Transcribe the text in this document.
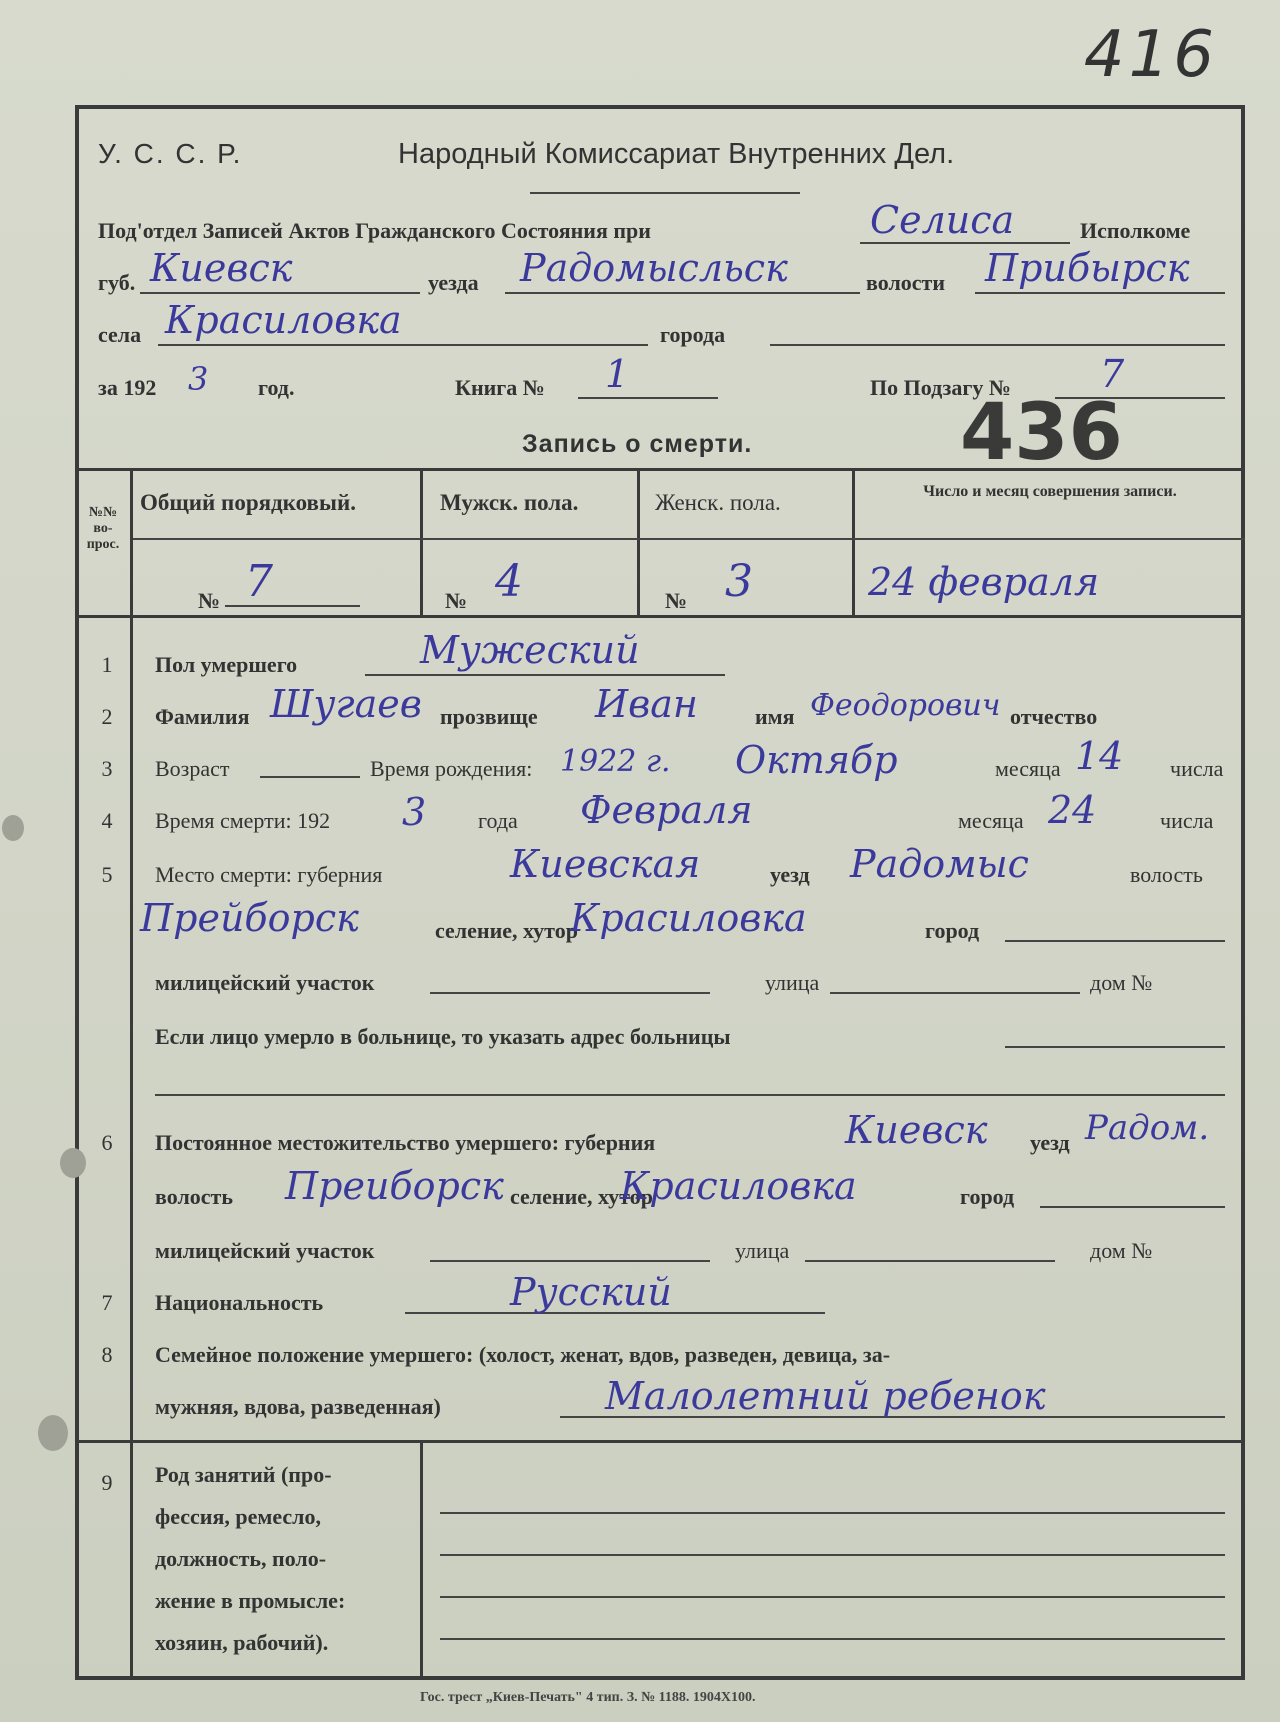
416
У. С. С. Р.	Народный Комиссариат Внутренних Дел.
Под'отдел Записей Актов Гражданского Состояния при	Селиса	Исполкоме
губ. Киевск	уезда Радомысльск	волости Прибырск
села Красиловка	города
за 192 3 год.	Книга № 1	По Подзагу № 7
436
Запись о смерти.
№№ во- прос.
Общий порядковый.	Мужск. пола.	Женск. пола.	Число и месяц совершения записи.
№ 7	№ 4	№ 3	24 февраля
1	Пол умершего	Мужеский
2	Фамилия Шугаев прозвище Иван	имя Феодорович отчество
3	Возраст	Время рождения: 1922 г. Октябр	месяца 14 числа
4	Время смерти: 192 3 года Февраля	месяца 24	числа
5	Место смерти: губерния	Киевская	уезд Радомыс	волость
Прейборск	селение, хутор
Красиловка	город
милицейский участок	улица	дом №
Если лицо умерло в больнице, то указать адрес больницы
6	Постоянное местожительство умершего: губерния	Киевск уезд Радом.
волость Преиборск селение, хутор
Красиловка	город
милицейский участок	улица	дом №
7	Национальность	Русский
8	Семейное положение умершего: (холост, женат, вдов, разведен, девица, за-
мужняя, вдова, разведенная)	Малолетний ребенок
9	Род занятий (про-
фессия, ремесло,
должность, поло-
жение в промысле:
хозяин, рабочий).
Гос. трест „Киев-Печать" 4 тип. З. № 1188. 1904Х100.
